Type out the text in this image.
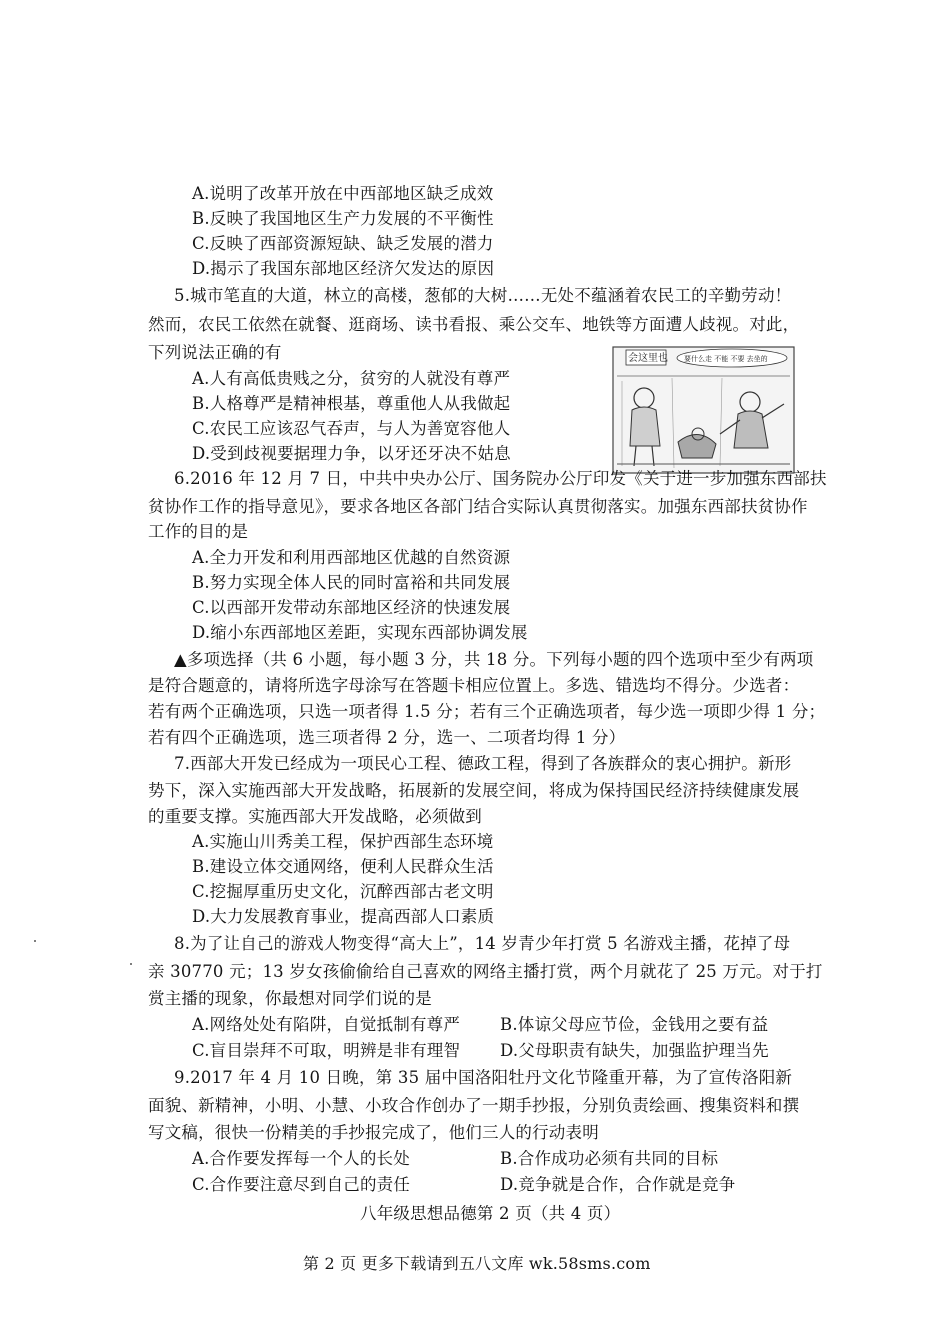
A.说明了改革开放在中西部地区缺乏成效
B.反映了我国地区生产力发展的不平衡性
C.反映了西部资源短缺、缺乏发展的潜力
D.揭示了我国东部地区经济欠发达的原因
5.城市笔直的大道，林立的高楼，葱郁的大树……无处不蕴涵着农民工的辛勤劳动！
然而，农民工依然在就餐、逛商场、读书看报、乘公交车、地铁等方面遭人歧视。对此，
下列说法正确的有
A.人有高低贵贱之分，贫穷的人就没有尊严
B.人格尊严是精神根基，尊重他人从我做起
C.农民工应该忍气吞声，与人为善宽容他人
D.受到歧视要据理力争，以牙还牙决不姑息
会这里也 要什么走 不能 不要 去坐的
6.2016 年 12 月 7 日，中共中央办公厅、国务院办公厅印发《关于进一步加强东西部扶
贫协作工作的指导意见》，要求各地区各部门结合实际认真贯彻落实。加强东西部扶贫协作
工作的目的是
A.全力开发和利用西部地区优越的自然资源
B.努力实现全体人民的同时富裕和共同发展
C.以西部开发带动东部地区经济的快速发展
D.缩小东西部地区差距，实现东西部协调发展
▲多项选择（共 6 小题，每小题 3 分，共 18 分。下列每小题的四个选项中至少有两项
是符合题意的，请将所选字母涂写在答题卡相应位置上。多选、错选均不得分。少选者：
若有两个正确选项，只选一项者得 1.5 分；若有三个正确选项者，每少选一项即少得 1 分；
若有四个正确选项，选三项者得 2 分，选一、二项者均得 1 分）
7.西部大开发已经成为一项民心工程、德政工程，得到了各族群众的衷心拥护。新形
势下，深入实施西部大开发战略，拓展新的发展空间，将成为保持国民经济持续健康发展
的重要支撑。实施西部大开发战略，必须做到
A.实施山川秀美工程，保护西部生态环境
B.建设立体交通网络，便利人民群众生活
C.挖掘厚重历史文化，沉醉西部古老文明
D.大力发展教育事业，提高西部人口素质
8.为了让自己的游戏人物变得“高大上”，14 岁青少年打赏 5 名游戏主播，花掉了母
亲 30770 元；13 岁女孩偷偷给自己喜欢的网络主播打赏，两个月就花了 25 万元。对于打
赏主播的现象，你最想对同学们说的是
A.网络处处有陷阱，自觉抵制有尊严 B.体谅父母应节俭，金钱用之要有益
C.盲目崇拜不可取，明辨是非有理智 D.父母职责有缺失，加强监护理当先
9.2017 年 4 月 10 日晚，第 35 届中国洛阳牡丹文化节隆重开幕，为了宣传洛阳新
面貌、新精神，小明、小慧、小玫合作创办了一期手抄报，分别负责绘画、搜集资料和撰
写文稿，很快一份精美的手抄报完成了，他们三人的行动表明
A.合作要发挥每一个人的长处	B.合作成功必须有共同的目标
C.合作要注意尽到自己的责任	D.竞争就是合作，合作就是竞争
八年级思想品德第 2 页（共 4 页）
第 2 页 更多下载请到五八文库 wk.58sms.com
